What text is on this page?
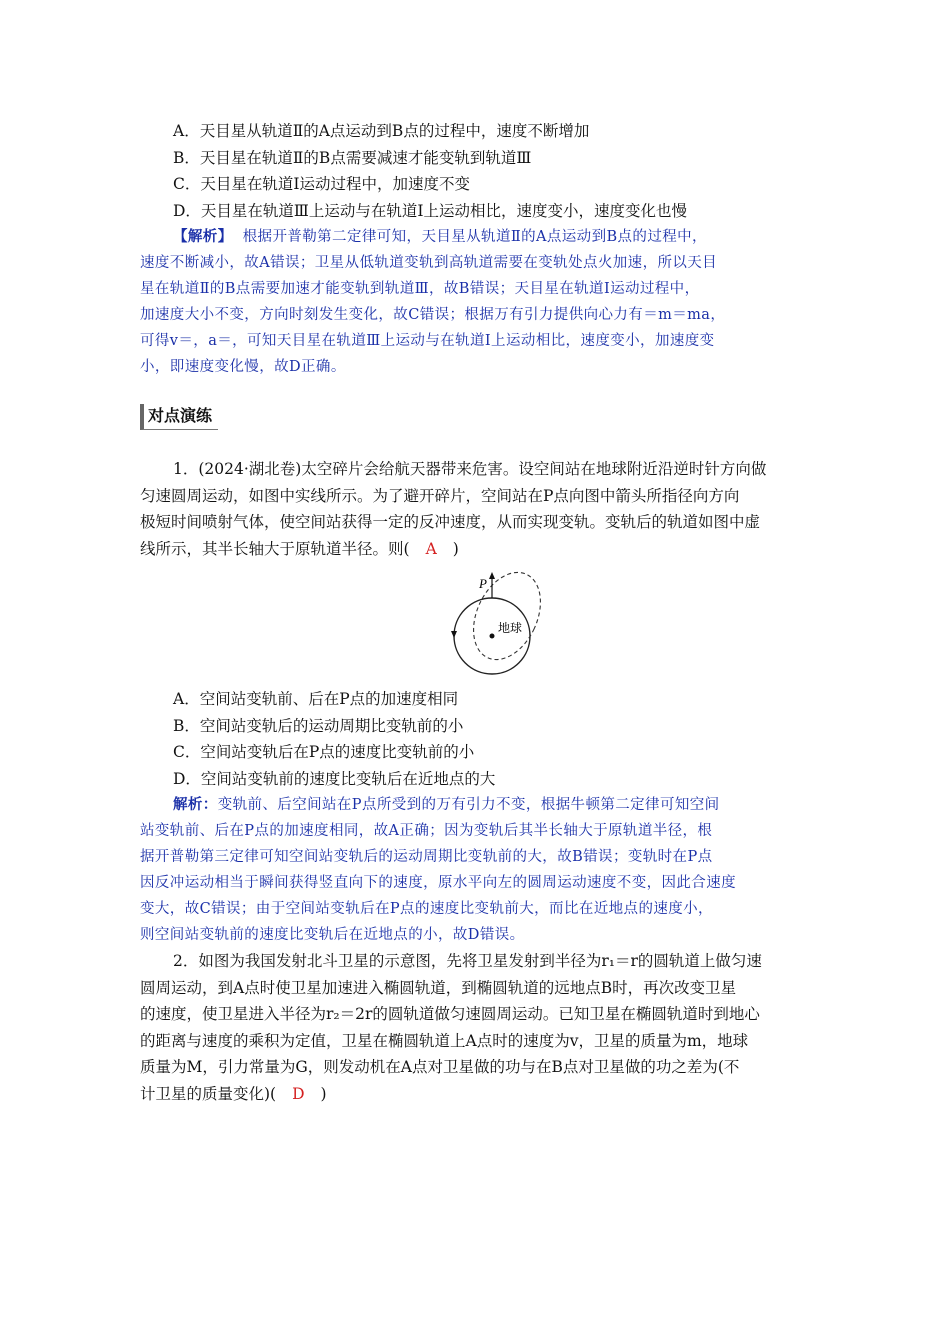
A．天目星从轨道Ⅱ的A点运动到B点的过程中，速度不断增加
B．天目星在轨道Ⅱ的B点需要减速才能变轨到轨道Ⅲ
C．天目星在轨道Ⅰ运动过程中，加速度不变
D．天目星在轨道Ⅲ上运动与在轨道Ⅰ上运动相比，速度变小，速度变化也慢
【解析】 根据开普勒第二定律可知，天目星从轨道Ⅱ的A点运动到B点的过程中，
速度不断减小，故A错误；卫星从低轨道变轨到高轨道需要在变轨处点火加速，所以天目
星在轨道Ⅱ的B点需要加速才能变轨到轨道Ⅲ，故B错误；天目星在轨道Ⅰ运动过程中，
加速度大小不变，方向时刻发生变化，故C错误；根据万有引力提供向心力有＝m＝ma，
可得v＝，a＝，可知天目星在轨道Ⅲ上运动与在轨道Ⅰ上运动相比，速度变小，加速度变
小，即速度变化慢，故D正确。
对点演练
1．(2024·湖北卷)太空碎片会给航天器带来危害。设空间站在地球附近沿逆时针方向做
匀速圆周运动，如图中实线所示。为了避开碎片，空间站在P点向图中箭头所指径向方向
极短时间喷射气体，使空间站获得一定的反冲速度，从而实现变轨。变轨后的轨道如图中虚
线所示，其半长轴大于原轨道半径。则( A )
P
地球
A．空间站变轨前、后在P点的加速度相同
B．空间站变轨后的运动周期比变轨前的小
C．空间站变轨后在P点的速度比变轨前的小
D．空间站变轨前的速度比变轨后在近地点的大
解析：变轨前、后空间站在P点所受到的万有引力不变，根据牛顿第二定律可知空间
站变轨前、后在P点的加速度相同，故A正确；因为变轨后其半长轴大于原轨道半径，根
据开普勒第三定律可知空间站变轨后的运动周期比变轨前的大，故B错误；变轨时在P点
因反冲运动相当于瞬间获得竖直向下的速度，原水平向左的圆周运动速度不变，因此合速度
变大，故C错误；由于空间站变轨后在P点的速度比变轨前大，而比在近地点的速度小，
则空间站变轨前的速度比变轨后在近地点的小，故D错误。
2．如图为我国发射北斗卫星的示意图，先将卫星发射到半径为r₁＝r的圆轨道上做匀速
圆周运动，到A点时使卫星加速进入椭圆轨道，到椭圆轨道的远地点B时，再次改变卫星
的速度，使卫星进入半径为r₂＝2r的圆轨道做匀速圆周运动。已知卫星在椭圆轨道时到地心
的距离与速度的乘积为定值，卫星在椭圆轨道上A点时的速度为v，卫星的质量为m，地球
质量为M，引力常量为G，则发动机在A点对卫星做的功与在B点对卫星做的功之差为(不
计卫星的质量变化)( D )
